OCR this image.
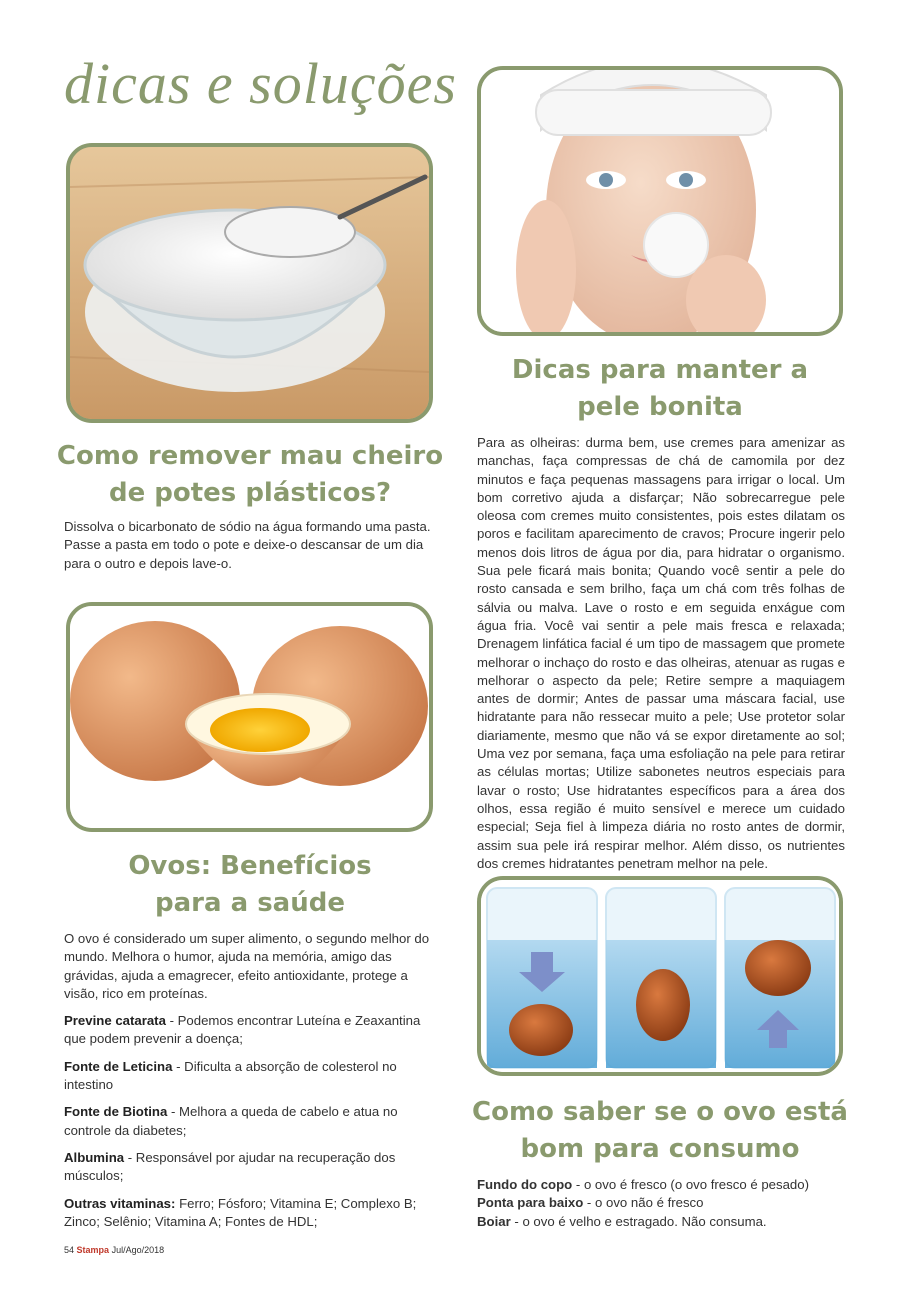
dicas e soluções
Como remover mau cheiro
de potes plásticos?

Dissolva o bicarbonato de sódio na água formando uma pasta. Passe a pasta em todo o pote e deixe-o descansar de um dia para o outro e depois lave-o.

Ovos: Benefícios
para a saúde

O ovo é considerado um super alimento, o segundo melhor do mundo. Melhora o humor, ajuda na memória, amigo das grávidas, ajuda a emagrecer, efeito antioxidante, protege a visão, rico em proteínas.

Previne catarata - Podemos encontrar Luteína e Zeaxantina que podem prevenir a doença;

Fonte de Leticina - Dificulta a absorção de colesterol no intestino

Fonte de Biotina - Melhora a queda de cabelo e atua no controle da diabetes;

Albumina - Responsável por ajudar na recuperação dos músculos;

Outras vitaminas: Ferro; Fósforo; Vitamina E; Complexo B; Zinco; Selênio; Vitamina A; Fontes de HDL;

Dicas para manter a
pele bonita

Para as olheiras: durma bem, use cremes para amenizar as manchas, faça compressas de chá de camomila por dez minutos e faça pequenas massagens para irrigar o local. Um bom corretivo ajuda a disfarçar; Não sobrecarregue pele oleosa com cremes muito consistentes, pois estes dilatam os poros e facilitam aparecimento de cravos; Procure ingerir pelo menos dois litros de água por dia, para hidratar o organismo. Sua pele ficará mais bonita; Quando você sentir a pele do rosto cansada e sem brilho, faça um chá com três folhas de sálvia ou malva. Lave o rosto e em seguida enxágue com água fria. Você vai sentir a pele mais fresca e relaxada; Drenagem linfática facial é um tipo de massagem que promete melhorar o inchaço do rosto e das olheiras, atenuar as rugas e melhorar o aspecto da pele; Retire sempre a maquiagem antes de dormir; Antes de passar uma máscara facial, use hidratante para não ressecar muito a pele; Use protetor solar diariamente, mesmo que não vá se expor diretamente ao sol; Uma vez por semana, faça uma esfoliação na pele para retirar as células mortas; Utilize sabonetes neutros especiais para lavar o rosto; Use hidratantes específicos para a área dos olhos, essa região é muito sensível e merece um cuidado especial; Seja fiel à limpeza diária no rosto antes de dormir, assim sua pele irá respirar melhor. Além disso, os nutrientes dos cremes hidratantes penetram melhor na pele.

Como saber se o ovo está
bom para consumo

Fundo do copo - o ovo é fresco (o ovo fresco é pesado)

Ponta para baixo - o ovo não é fresco

Boiar - o ovo é velho e estragado. Não consuma.

54 Stampa Jul/Ago/2018
